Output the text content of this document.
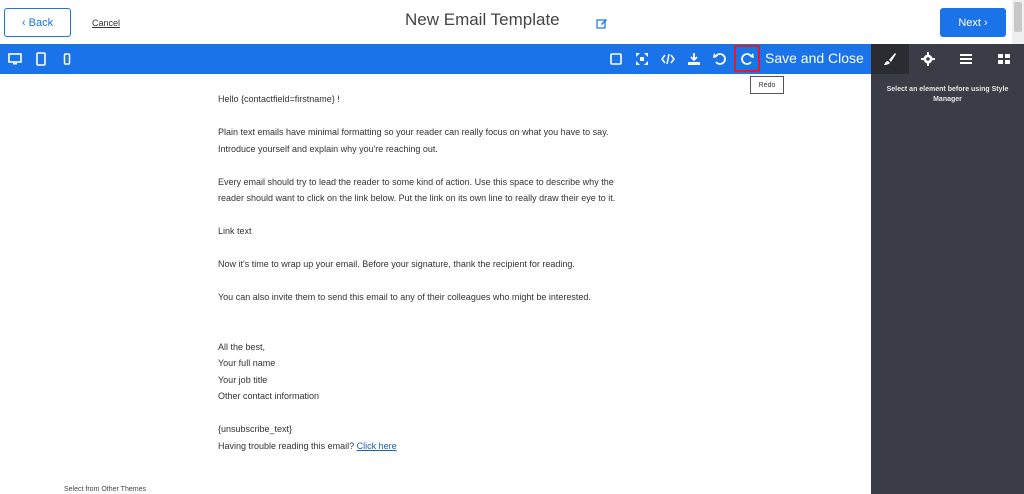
‹ Back	Cancel	New Email Template	Next ›
Save and Close
Select an element before using Style Manager

Hello {contactfield=firstname} !

Plain text emails have minimal formatting so your reader can really focus on what you have to say.

Introduce yourself and explain why you're reaching out.

Every email should try to lead the reader to some kind of action. Use this space to describe why the

reader should want to click on the link below. Put the link on its own line to really draw their eye to it.

Link text

Now it's time to wrap up your email. Before your signature, thank the recipient for reading.

You can also invite them to send this email to any of their colleagues who might be interested.

All the best,

Your full name

Your job title

Other contact information

{unsubscribe_text}

Having trouble reading this email? Click here

Select from Other Themes
Redo
